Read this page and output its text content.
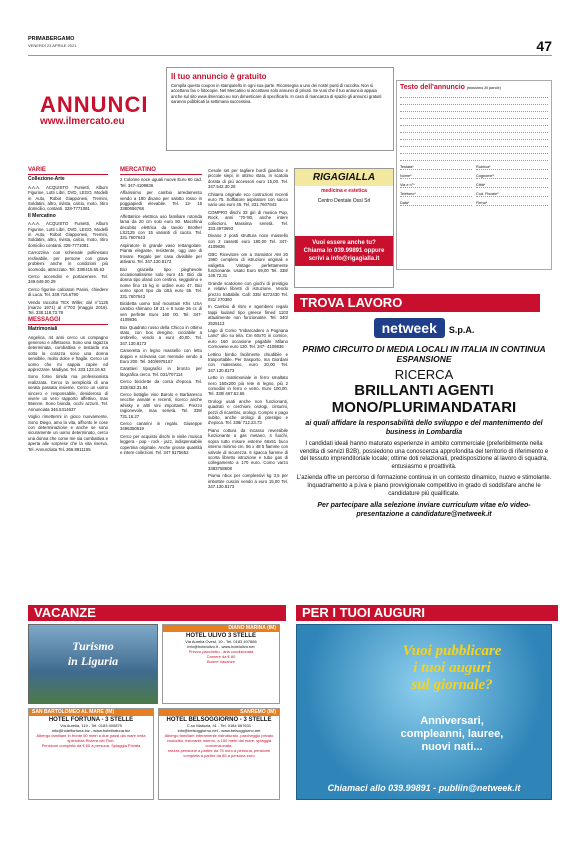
PRIMABERGAMO
VENERDÌ 23 APRILE 2021	47
ANNUNCI
www.ilmercato.eu
Il tuo annuncio è gratuito

Compila questo coupon in stampatello in ogni sua parte. Riconsegna a uno dei nostri punti di raccolta. Non si accettano fax o fotocopie. Nel Mercatino si accettano solo annunci di privati. Se vuoi che il tuo annuncio appaia anche sul sito www.ilmercato.eu non dimenticare di specificarlo. In caso di mancanza di spazio gli annunci gratuiti saranno pubblicati la settimana successiva.

Testo dell'annuncio (massimo 20 parole)
Testata*	Rubrica*
Nome*	Cognome*
Via e n°*	Città*
Telefono*	Cod. Fiscale*
Data*	Firma*
VARIE
Collezione-Arte

A.A.A. ACQUISTO Fumetti, Album Figurine, Lotti Libri, DVD, LEGO, Modelli in Auto, Robot Giapponesi, Tremini, Soldatini, altro, rivista, calcio, moto, ritiro domicilio, contanti. 328-7771081

Il Mercatino

A.A.A. ACQUISTO Fumetti, Album Figurine, Lotti Libri, DVD, LEGO, Modelli in Auto, Robot Giapponesi, Tremini, Soldatini, altro, rivista, calcio, moto, ritiro domicilio contanti. 328-7771081

Carrozzina con schienale pollinesato reclinabile, per persone con grave problemi anche in condizioni più scomodo, attrezzato. Tel. 338/415.65.63

Cerco accendini e portacenere. Tel. 349.649.00.29

Cerco figurine calciatori Panini, chiedere di Luca. Tel. 349.716.6790

Vendo raccolta TEX Willer, dal n°1125 (marzo 1971) al n°703 (maggio 2019). Tel. 338.118.73.78

MESSAGGI
Matrimoniali

Angelica, 44 anni cerco un compagno generoso e affettuoso. Sono una ragazza determinata, combattiva e testarda ma sotto la corazza sono una donna sensibile, molto dolce e fragile. Cerco un uomo che mi sappia capire ed apprezzare. Madiyas. Tel. 333.123.16.63

Sono forse timida ma professionista realizzata. Cerco la semplicità di una serata passata insieme. Cerco un uomo sincero e responsabile, desideroso di vivere un vero rapporto affettivo, max 55enne. Sono bionda, occhi azzurri. Tel. Annunciata 346.5314637

Voglio rimettermi in gioco nuovamente. Sono Diego, amo la vita, affronto le cose con determinazione e anche se sono sicuramente un uomo determinato, cerco una donna che come me sia combattiva e aperta alle sorprese che la vita riserva. Tel. Annunziata Tel. 366.8911155

MERCATINO

2 Colonne noce uguali nuove Euro 60 cad. Tel. 347-4109836

Affarissimo per cambio arredamento vendo a 180 divano per salotto rosso in poggiapiedi elevabile. Tel. 12- 15 3380656768

Affettatrice elettrica uso familiare rotonda lama da 20 cm solo euro 50. Macchina decubito elettrica da tavolo Brother LS2125 con 15 varianti di cucito. Tel. 331.7607643

Aspiratore in grande vaso rettangolare. Pianta elegante, resistente, ogg iare di trovare. Regalo per casa divisibile per attivarsi. Tel. 347.130.8173

Bici graziella tipo pieghevole occasionalissime solo euro 45. Bici da donna tipo oland con cestino, seggiolino e nome fino 15 kg in ordine euro 47. Bici uomo sport tipo da città euro 55. Tel. 331.7607643

Bicidetta uomo trail mountain Khs USA cambio shimano 18 21 e 8 ruote 26 cc di ven perfette Euro 160 00. Tel. 347-4109836

Box Quadrato rosso della Chicco in ottimo stato, con box dengino, cicciabile a ombrello, vendo a euro 40,00. Tel. 347.130.8173

Cameretta in legno massello con letto doppio e scrivania con mensole vendo a Euro 200. Tel. 340/6975167

Carattieri tipografici in bronzo per litografica cerco. Tel. 031/707114

Cerco biciclette da corsa d'epoca. Tel. 333/463.31.84

Cerco bottiglie vino Barolo e Barbaresco vecchie annate e recenti, ricerco anche whisky e altri vini importanti. Prezzo ragionevole, max serietà. Tel. 339/ 731.16.27

Cerco canarini in regalo. Giuseppe 3496350519

Cerco per acquisto dischi in vinile musica leggera - pop - rock - jazz, indispensabile copertina originale. Anche grosse quantità e intere collezioni. Tel. 347 9175652

Cesole set per tagliere bordi giardino e piccole siepi, in ottimo stato, in scatola dorata di più accessori euro 15,00. Tel. 347.542.30.26

Chitarra originale eco costruzioni recenti euro 75. Soffiatore aspiratore con sacco vario uso euro 45. Tel. 331.7607643

COMPRO dischi 33 giri di musica Pop, Rock, anni '70-'80, anche intere collezioni. Massima serietà. Tel. 333.4973693

Divano 2 posti struttura noce massello con 2 cassetti euro 180,00 Tel. 347-4109836

GBC Ricevitore om a transistor AM 20 1960 completo di istruzioni originali e valigetta. Vintage perfettamente funzionante. Usato Euro 69,00 Tel. 338/ 149.72.31

Grande scatolone con giochi di prestigio e relativi libretti di istruzione. Vendo prezzo trattabile. Call: 335/ 6272430 Tel. 031/ 270360

In Cambio di ritiro e sgombero regalo tappi louland tipo greece fimed 1103 attualmente non funzionante. Tel. 340/ 2525113

Lago di Como "Imbarcadero a Pognana Lario" olio su tela. Cm 60x70 in cornice, euro 160 occasione pagabile Milano Cornovese euro 130. Tel. 347- 4109836

Lettino bimbo facilmente chiudibile e trasportabile. Per trasporto, ma Giordani con materasso, euro 20,00 Tel. 347.130.8173

Letto in matrimoniale in ferro smaltato nero 160x200 più rete in legno, più 2 comodini in ferro e vetro. Euro 100,00. Tel. 338/ 467.62.66

Orologi usati anche non funzionanti, quadrati e cerchioni orologi, cinturini, pezzi di ricambio, orologi. Compro e pago subito, anche orologi di prestigio e d'epoca. Tel. 338/ 712.23.73

Piano cottura da incasso reversibile funzionante a gas metano, 4 fuochi, sopra tutto misure esterne 66x51 buco interno minimo cm. 56 x 48 5 fiamme con valvole di sicurezza. 6 spacca fiamme di scorta libretto istruzione e tubo gas di collegamento a 170 euro. Como varzo 3383758608

Piuma nbox per complessivi kg 3,5 per imbottire cuscini vendo a euro 15,00 Tel. 347.130.8173

RIGAGIALLA
medicina e estetica
Centro Dentale Ossi Srl
Vuoi essere anche tu?
Chiama lo 039.99891 oppure
scrivi a info@rigagialla.it
TROVA LAVORO
netweek S.p.A.
PRIMO CIRCUITO DI MEDIA LOCALI IN ITALIA IN CONTINUA ESPANSIONE
RICERCA
BRILLANTI AGENTI
MONO/PLURIMANDATARI
ai quali affidare la responsabilità dello sviluppo e del mantenimento del business in Lombardia
I candidati ideali hanno maturato esperienze in ambito commerciale (preferibilmente nella vendita di servizi B2B), possiedono una conoscenza approfondita del territorio di riferimento e del tessuto imprenditoriale locale; ottime doti relazionali, predisposizione al lavoro di squadra, entusiasmo e proattività.
L'azienda offre un percorso di formazione continua in un contesto dinamico, nuovo e stimolante. Inquadramento a p.iva e piano provvigionale competitivo in grado di soddisfare anche le candidature più qualificate.
Per partecipare alla selezione inviare curriculum vitae e/o video-presentazione a candidature@netweek.it
VACANZE
Turismo
in Liguria
DIANO MARINA (IM)
HOTEL ULIVO 3 STELLE
Via Aurelia Ovest, 10 - Tel. 0183 407886
info@hotelulivo.it - www.hotelulivo.net
Prezzo pacchetto - aria condizionata
Camere da € 80
Buone Vacanze
SAN BARTOLOMEO AL MARE (IM)
HOTEL FORTUNA - 3 STELLE
Via Aurelia, 119 - Tel. 0183 400875
info@hotelfortuna.biz - www.hotelfortuna.biz
Albergo familiare in fronte 50 metri a due passi dal mare nella splendida Riviera dei Fiori.
Pensione completa da € 60 a persona. Spiaggia Privata
SANREMO (IM)
HOTEL BELSOGGIORNO - 3 STELLE
C.so Matuzia, 41 - Tel. 0184 667631
info@belsoggiorno.net - www.belsoggiorno.net
Albergo familiare interamente ristrutturato, parcheggio privato custodito, ristorante interno, a 150 metri dal mare, spiaggia convenzionata.
mezza pensione a partire da 75 euro a persona, pensione completa a partire da 85 a persona euro
PER I TUOI AUGURI
Vuoi pubblicare
i tuoi auguri
sul giornale?
Anniversari,
compleanni, lauree,
nuovi nati...
Chiamaci allo 039.99891 - publiin@netweek.it
